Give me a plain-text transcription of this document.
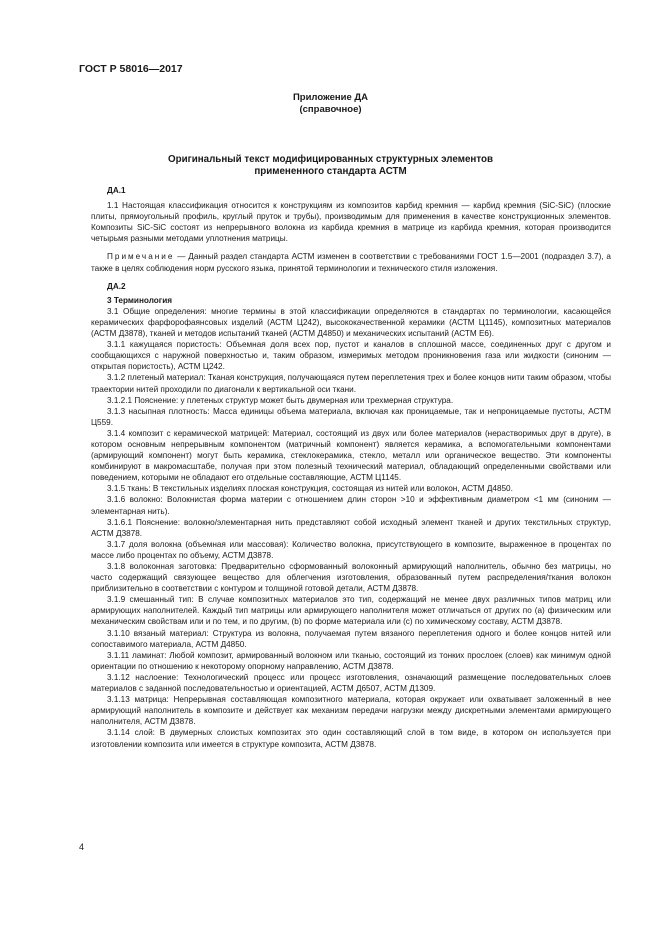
ГОСТ Р 58016—2017
Приложение ДА
(справочное)
Оригинальный текст модифицированных структурных элементов
примененного стандарта АСТМ

ДА.1

1.1 Настоящая классификация относится к конструкциям из композитов карбид кремния — карбид кремния (SiC-SiC) (плоские плиты, прямоугольный профиль, круглый пруток и трубы), производимым для применения в качестве конструкционных элементов. Композиты SiC-SiC состоят из непрерывного волокна из карбида кремния в матрице из карбида кремния, которая производится четырьмя разными методами уплотнения матрицы.

Примечание — Данный раздел стандарта АСТМ изменен в соответствии с требованиями ГОСТ 1.5—2001 (подраздел 3.7), а также в целях соблюдения норм русского языка, принятой терминологии и технического стиля изложения.

ДА.2

3 Терминология

3.1 Общие определения: многие термины в этой классификации определяются в стандартах по терминологии, касающейся керамических фарфорофаянсовых изделий (АСТМ Ц242), высококачественной керамики (АСТМ Ц1145), композитных материалов (АСТМ Д3878), тканей и методов испытаний тканей (АСТМ Д4850) и механических испытаний (АСТМ Е6).

3.1.1 кажущаяся пористость: Объемная доля всех пор, пустот и каналов в сплошной массе, соединенных друг с другом и сообщающихся с наружной поверхностью и, таким образом, измеримых методом проникновения газа или жидкости (синоним — открытая пористость), АСТМ Ц242.

3.1.2 плетеный материал: Тканая конструкция, получающаяся путем переплетения трех и более концов нити таким образом, чтобы траектории нитей проходили по диагонали к вертикальной оси ткани.

3.1.2.1 Пояснение: у плетеных структур может быть двумерная или трехмерная структура.

3.1.3 насыпная плотность: Масса единицы объема материала, включая как проницаемые, так и непроницаемые пустоты, АСТМ Ц559.

3.1.4 композит с керамической матрицей: Материал, состоящий из двух или более материалов (нерастворимых друг в друге), в котором основным непрерывным компонентом (матричный компонент) является керамика, а вспомогательными компонентами (армирующий компонент) могут быть керамика, стеклокерамика, стекло, металл или органическое вещество. Эти компоненты комбинируют в макромасштабе, получая при этом полезный технический материал, обладающий определенными свойствами или поведением, которыми не обладают его отдельные составляющие, АСТМ Ц1145.

3.1.5 ткань: В текстильных изделиях плоская конструкция, состоящая из нитей или волокон, АСТМ Д4850.

3.1.6 волокно: Волокнистая форма материи с отношением длин сторон >10 и эффективным диаметром <1 мм (синоним — элементарная нить).

3.1.6.1 Пояснение: волокно/элементарная нить представляют собой исходный элемент тканей и других текстильных структур, АСТМ Д3878.

3.1.7 доля волокна (объемная или массовая): Количество волокна, присутствующего в композите, выраженное в процентах по массе либо процентах по объему, АСТМ Д3878.

3.1.8 волоконная заготовка: Предварительно сформованный волоконный армирующий наполнитель, обычно без матрицы, но часто содержащий связующее вещество для облегчения изготовления, образованный путем распределения/ткания волокон приблизительно в соответствии с контуром и толщиной готовой детали, АСТМ Д3878.

3.1.9 смешанный тип: В случае композитных материалов это тип, содержащий не менее двух различных типов матриц или армирующих наполнителей. Каждый тип матрицы или армирующего наполнителя может отличаться от других по (а) физическим или механическим свойствам или и по тем, и по другим, (b) по форме материала или (с) по химическому составу, АСТМ Д3878.

3.1.10 вязаный материал: Структура из волокна, получаемая путем вязаного переплетения одного и более концов нитей или сопоставимого материала, АСТМ Д4850.

3.1.11 ламинат: Любой композит, армированный волокном или тканью, состоящий из тонких прослоек (слоев) как минимум одной ориентации по отношению к некоторому опорному направлению, АСТМ Д3878.

3.1.12 наслоение: Технологический процесс или процесс изготовления, означающий размещение последовательных слоев материалов с заданной последовательностью и ориентацией, АСТМ Д6507, АСТМ Д1309.

3.1.13 матрица: Непрерывная составляющая композитного материала, которая окружает или охватывает заложенный в нее армирующий наполнитель в композите и действует как механизм передачи нагрузки между дискретными элементами армирующего наполнителя, АСТМ Д3878.

3.1.14 слой: В двумерных слоистых композитах это один составляющий слой в том виде, в котором он используется при изготовлении композита или имеется в структуре композита, АСТМ Д3878.

4
